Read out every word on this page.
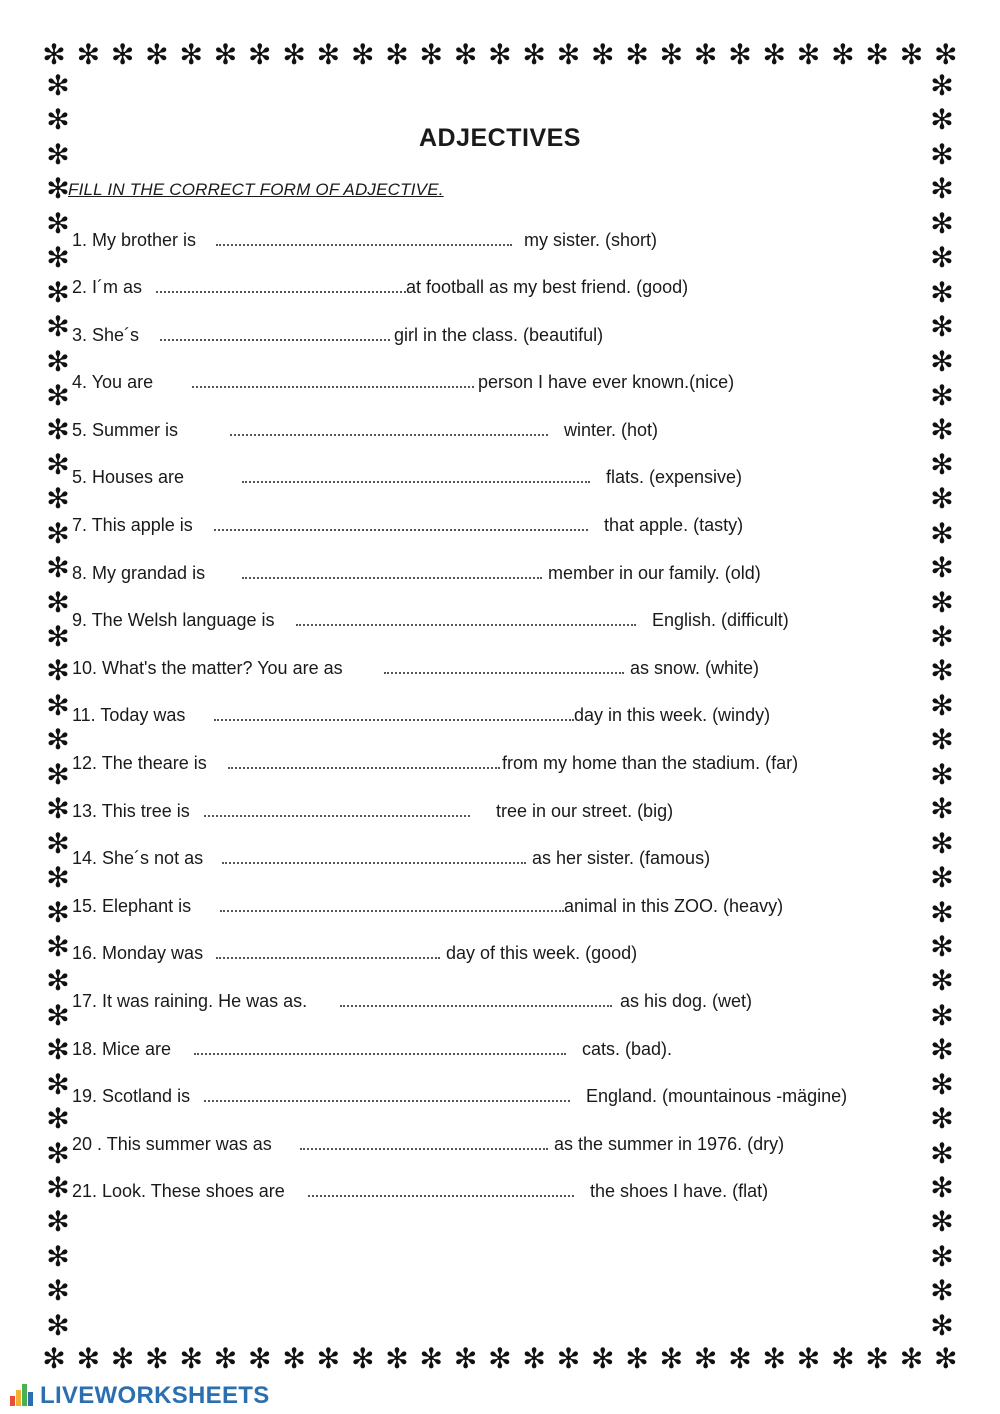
✻ ✻ ✻ ✻ ✻ ✻ ✻ ✻ ✻ ✻ ✻ ✻ ✻ ✻ ✻ ✻ ✻ ✻ ✻ ✻ ✻ ✻ ✻ ✻ ✻ ✻ ✻
✻ ✻ ✻ ✻ ✻ ✻ ✻ ✻ ✻ ✻ ✻ ✻ ✻ ✻ ✻ ✻ ✻ ✻ ✻ ✻ ✻ ✻ ✻ ✻ ✻ ✻ ✻
✻
✻
✻
✻
✻
✻
✻
✻
✻
✻
✻
✻
✻
✻
✻
✻
✻
✻
✻
✻
✻
✻
✻
✻
✻
✻
✻
✻
✻
✻
✻
✻
✻
✻
✻
✻
✻
✻
✻
✻
✻
✻
✻
✻
✻
✻
✻
✻
✻
✻
✻
✻
✻
✻
✻
✻
✻
✻
✻
✻
✻
✻
✻
✻
✻
✻
✻
✻
✻
✻
✻
✻
✻
✻
ADJECTIVES
FILL IN THE CORRECT FORM OF ADJECTIVE.
1. My brother is	my sister. (short)
2. I´m as	at football as my best friend. (good)
3. She´s	girl in the class. (beautiful)
4. You are	person I have ever known.(nice)
5. Summer is	winter. (hot)
5. Houses are	flats. (expensive)
7. This apple is	that apple. (tasty)
8. My grandad is	member in our family. (old)
9. The Welsh language is	English. (difficult)
10. What's the matter? You are as	as snow. (white)
11. Today was	day in this week. (windy)
12. The theare is	from my home than the stadium. (far)
13. This tree is	tree in our street. (big)
14. She´s not as	as her sister. (famous)
15. Elephant is	animal in this ZOO. (heavy)
16. Monday was	day of this week. (good)
17. It was raining. He was as.	as his dog. (wet)
18. Mice are	cats. (bad).
19. Scotland is	England. (mountainous -mägine)
20 . This summer was as	as the summer in 1976. (dry)
21. Look. These shoes are	the shoes I have. (flat)
LIVEWORKSHEETS
